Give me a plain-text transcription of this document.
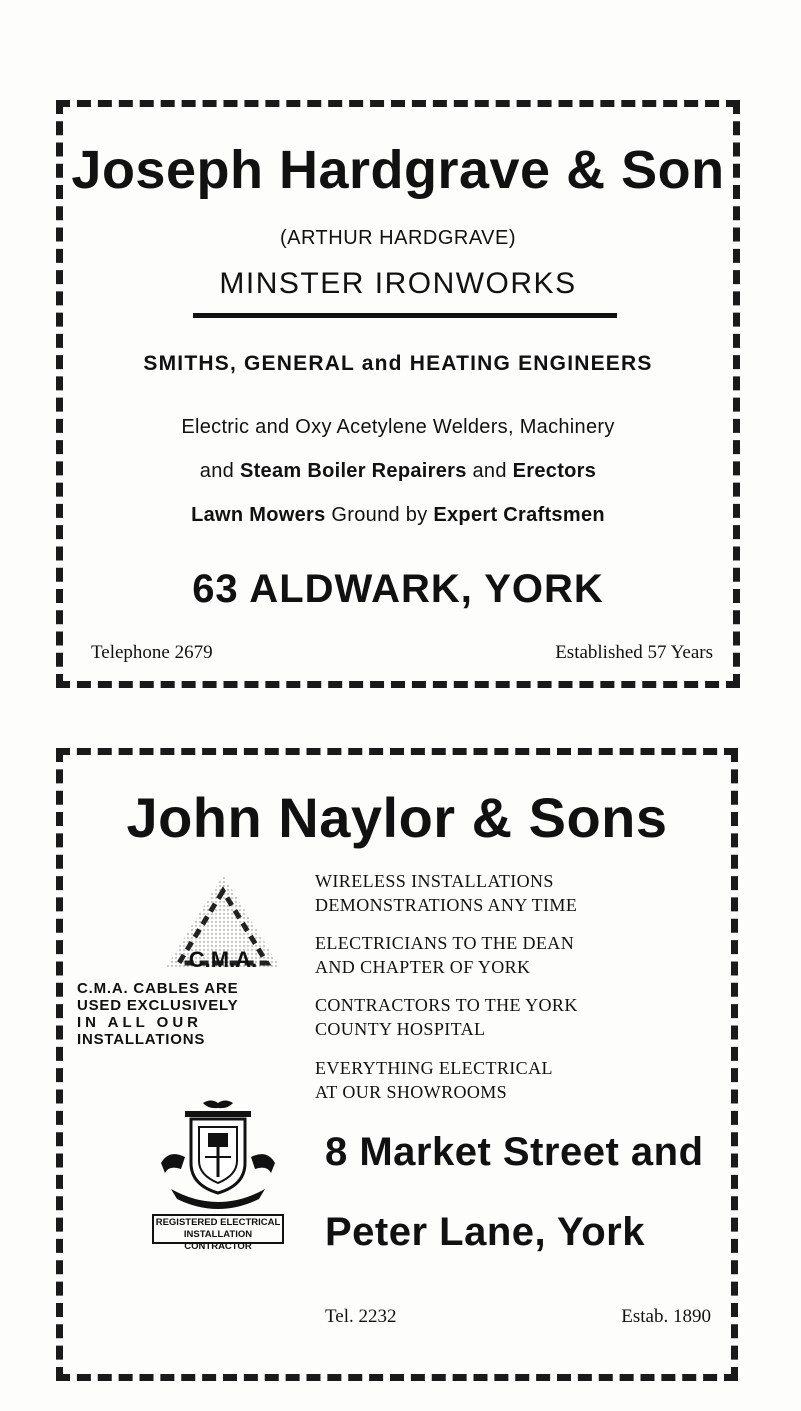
Joseph Hardgrave & Son
(ARTHUR HARDGRAVE)
MINSTER IRONWORKS
SMITHS, GENERAL and HEATING ENGINEERS
Electric and Oxy Acetylene Welders, Machinery
and Steam Boiler Repairers and Erectors
Lawn Mowers Ground by Expert Craftsmen
63 ALDWARK, YORK
Telephone 2679	Established 57 Years
John Naylor & Sons
C.M.A.
C.M.A. CABLES ARE
USED EXCLUSIVELY
IN ALL OUR
INSTALLATIONS
WIRELESS INSTALLATIONS
DEMONSTRATIONS ANY TIME
ELECTRICIANS TO THE DEAN
AND CHAPTER OF YORK
CONTRACTORS TO THE YORK
COUNTY HOSPITAL
EVERYTHING ELECTRICAL
AT OUR SHOWROOMS
REGISTERED ELECTRICAL
INSTALLATION CONTRACTOR
8 Market Street and
Peter Lane, York
Tel. 2232	Estab. 1890
